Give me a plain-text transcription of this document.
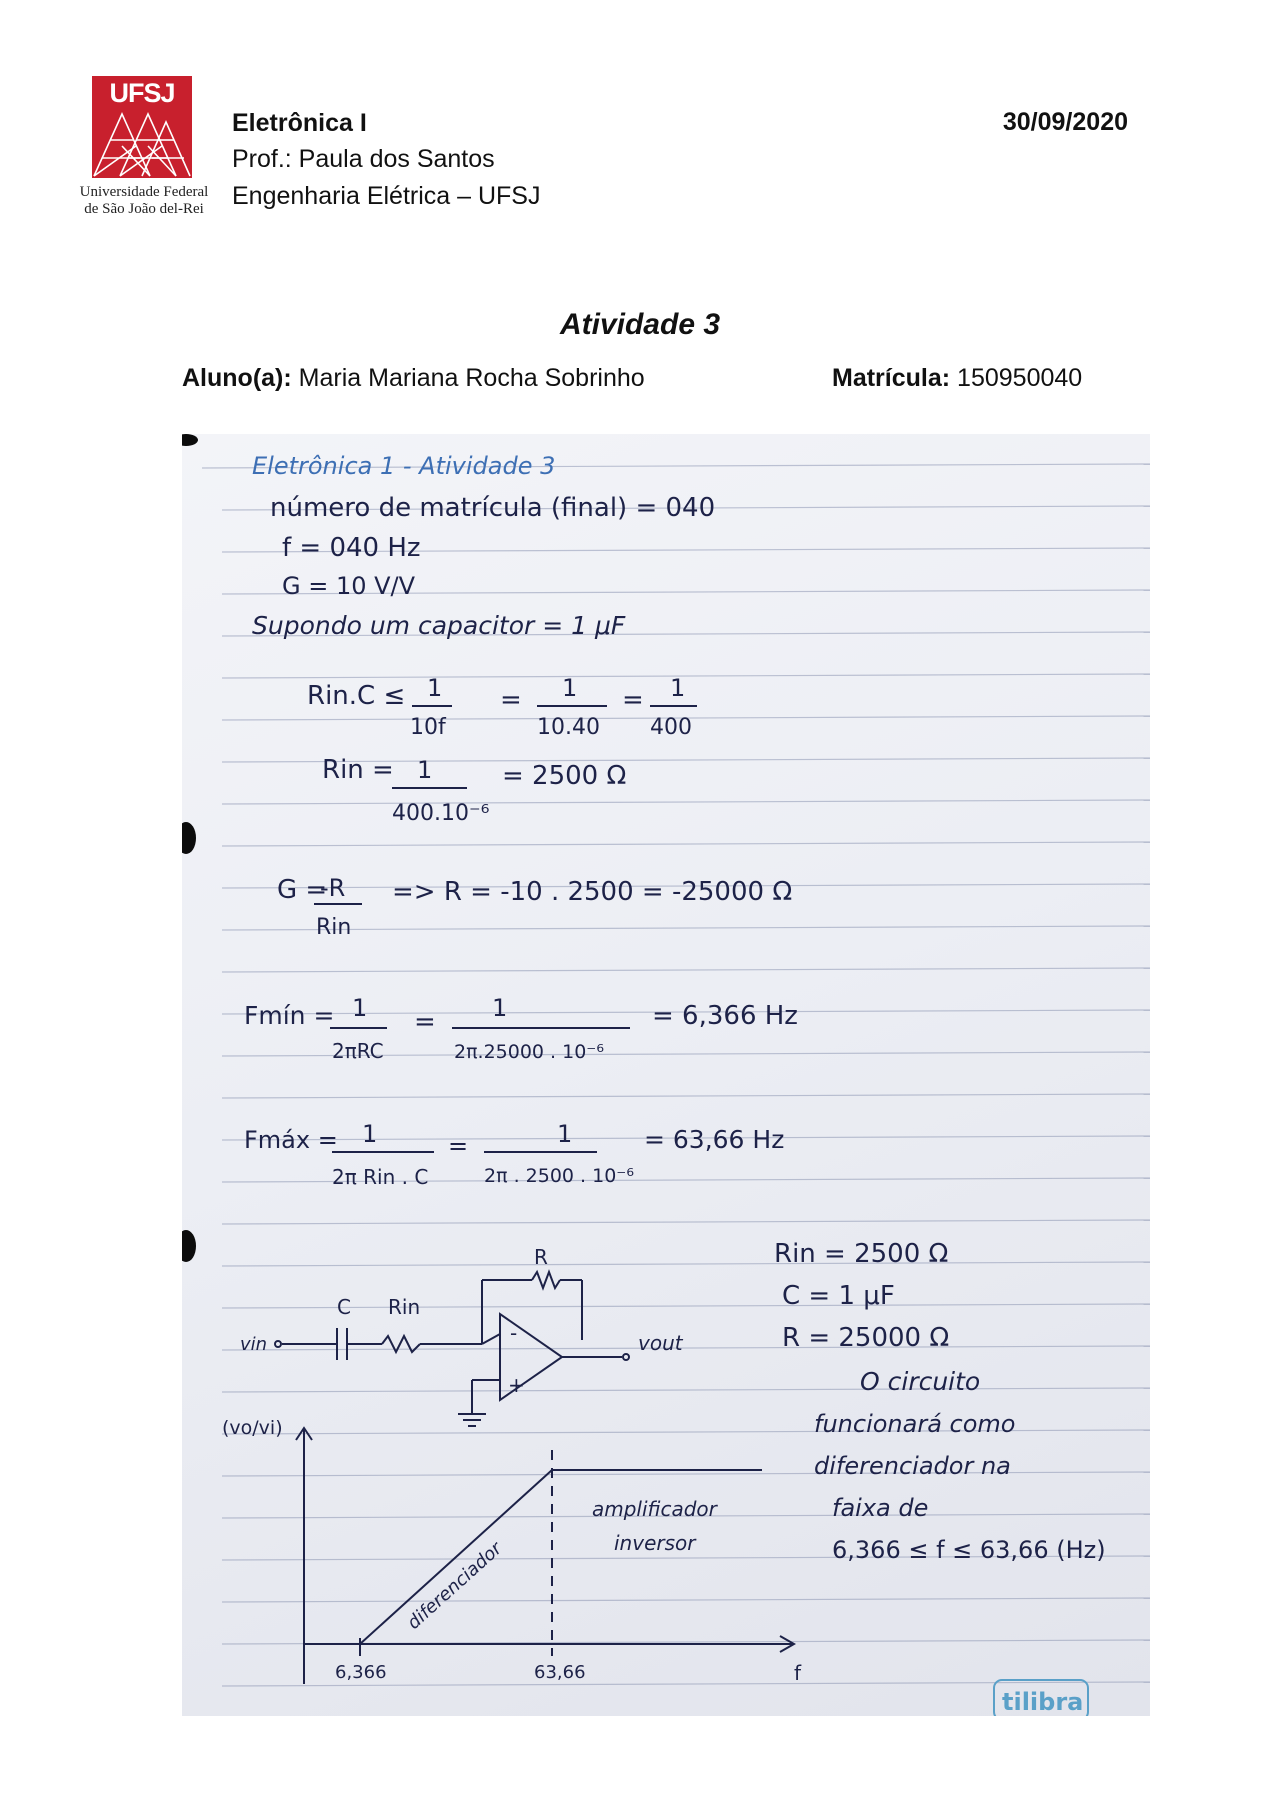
UFSJ
Universidade Federal
de São João del-Rei
Eletrônica I
Prof.: Paula dos Santos
Engenharia Elétrica – UFSJ
30/09/2020
Atividade 3
Aluno(a): Maria Mariana Rocha Sobrinho	Matrícula: 150950040
Eletrônica 1 - Atividade 3
número de matrícula (final) = 040
f = 040 Hz
G = 10 V/V
Supondo um capacitor = 1 μF
Rin.C ≤ 1
10f
= 1
10.40
= 1
400
Rin = 1
400.10⁻⁶
= 2500 Ω
G =
-R
Rin
=> R = -10 . 2500 = -25000 Ω
Fmín = 1
2πRC
= 1
2π.25000 . 10⁻⁶
= 6,366 Hz
Fmáx = 1
2π Rin . C
=	1
2π . 2500 . 10⁻⁶
= 63,66 Hz
Rin = 2500 Ω
C = 1 μF
R = 25000 Ω
O circuito
funcionará como
diferenciador na
faixa de
6,366 ≤ f ≤ 63,66 (Hz)
R
C Rin
vin	vout
-
+
(vo/vi)
f
6,366	63,66
diferenciador
amplificador
inversor
tilibra
